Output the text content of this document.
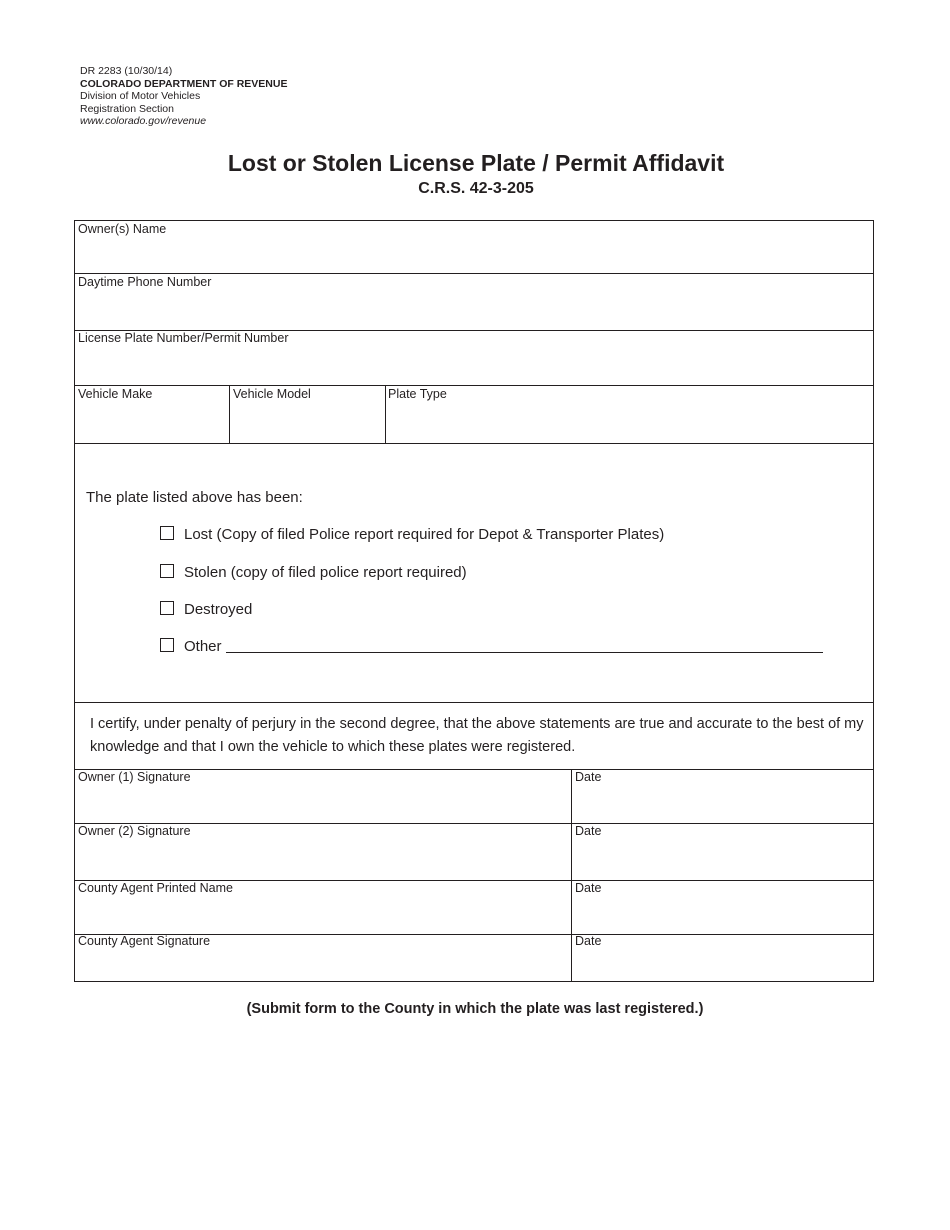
DR 2283 (10/30/14)
COLORADO DEPARTMENT OF REVENUE
Division of Motor Vehicles
Registration Section
www.colorado.gov/revenue
Lost or Stolen License Plate / Permit Affidavit
C.R.S. 42-3-205
Owner(s) Name
Daytime Phone Number
License Plate Number/Permit Number
Vehicle Make	Vehicle Model	Plate Type
The plate listed above has been:
Lost (Copy of filed Police report required for Depot & Transporter Plates)
Stolen (copy of filed police report required)
Destroyed
Other
I certify, under penalty of perjury in the second degree, that the above statements are true and accurate to the best of my knowledge and that I own the vehicle to which these plates were registered.
Owner (1) Signature	Date
Owner (2) Signature	Date
County Agent Printed Name	Date
County Agent Signature	Date
(Submit form to the County in which the plate was last registered.)
